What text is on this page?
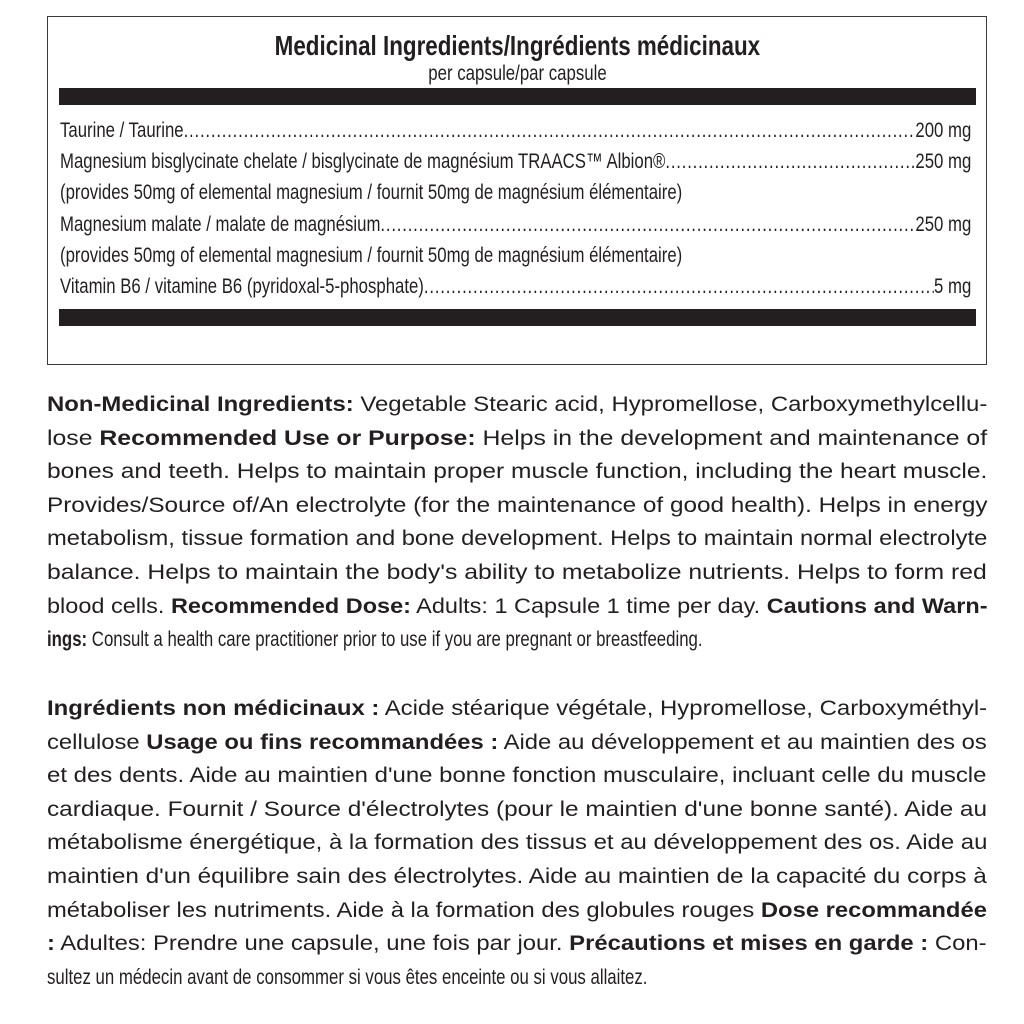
Medicinal Ingredients/Ingrédients médicinaux
per capsule/par capsule
Taurine / Taurine .....	200 mg
Magnesium bisglycinate chelate / bisglycinate de magnésium TRAACS™ Albion® .....	250 mg
(provides 50mg of elemental magnesium / fournit 50mg de magnésium élémentaire)
Magnesium malate / malate de magnésium .....	250 mg
(provides 50mg of elemental magnesium / fournit 50mg de magnésium élémentaire)
Vitamin B6 / vitamine B6 (pyridoxal-5-phosphate) .....	5 mg
Non-Medicinal Ingredients: Vegetable Stearic acid, Hypromellose, Carboxymethylcellu-
lose Recommended Use or Purpose: Helps in the development and maintenance of
bones and teeth. Helps to maintain proper muscle function, including the heart muscle.
Provides/Source of/An electrolyte (for the maintenance of good health). Helps in energy
metabolism, tissue formation and bone development. Helps to maintain normal electrolyte
balance. Helps to maintain the body's ability to metabolize nutrients. Helps to form red
blood cells. Recommended Dose: Adults: 1 Capsule 1 time per day. Cautions and Warn-
ings: Consult a health care practitioner prior to use if you are pregnant or breastfeeding.
Ingrédients non médicinaux : Acide stéarique végétale, Hypromellose, Carboxyméthyl-
cellulose Usage ou fins recommandées : Aide au développement et au maintien des os
et des dents. Aide au maintien d'une bonne fonction musculaire, incluant celle du muscle
cardiaque. Fournit / Source d'électrolytes (pour le maintien d'une bonne santé). Aide au
métabolisme énergétique, à la formation des tissus et au développement des os. Aide au
maintien d'un équilibre sain des électrolytes. Aide au maintien de la capacité du corps à
métaboliser les nutriments. Aide à la formation des globules rouges Dose recommandée
: Adultes: Prendre une capsule, une fois par jour. Précautions et mises en garde : Con-
sultez un médecin avant de consommer si vous êtes enceinte ou si vous allaitez.
